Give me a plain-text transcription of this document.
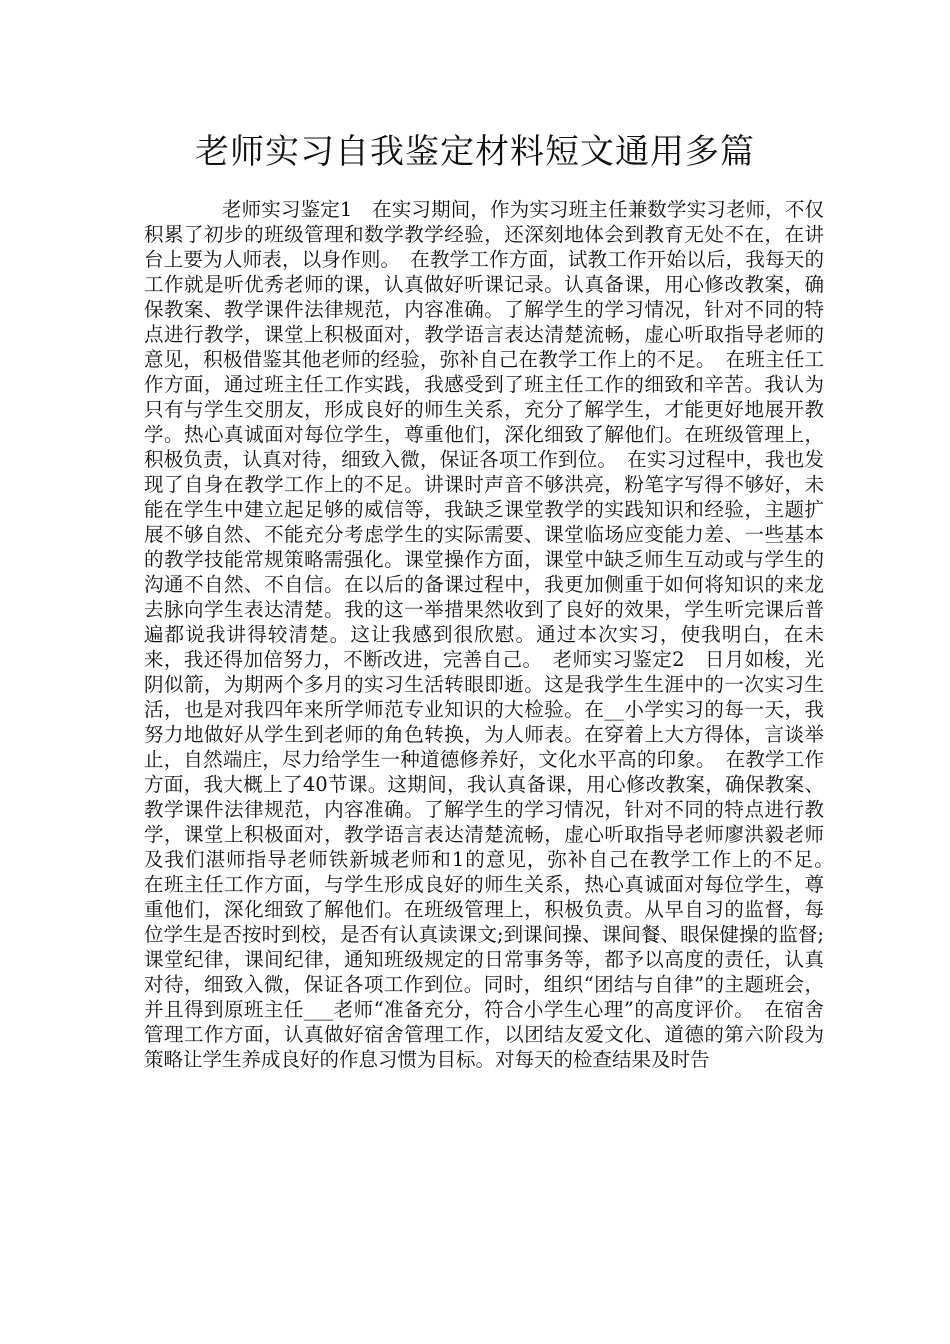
老师实习自我鉴定材料短文通用多篇

老师实习鉴定1　在实习期间，作为实习班主任兼数学实习老师，不仅积累了初步的班级管理和数学教学经验，还深刻地体会到教育无处不在，在讲台上要为人师表，以身作则。　在教学工作方面，试教工作开始以后，我每天的工作就是听优秀老师的课，认真做好听课记录。认真备课，用心修改教案，确保教案、教学课件法律规范，内容准确。了解学生的学习情况，针对不同的特点进行教学，课堂上积极面对，教学语言表达清楚流畅，虚心听取指导老师的意见，积极借鉴其他老师的经验，弥补自己在教学工作上的不足。　在班主任工作方面，通过班主任工作实践，我感受到了班主任工作的细致和辛苦。我认为只有与学生交朋友，形成良好的师生关系，充分了解学生，才能更好地展开教学。热心真诚面对每位学生，尊重他们，深化细致了解他们。在班级管理上，积极负责，认真对待，细致入微，保证各项工作到位。　在实习过程中，我也发现了自身在教学工作上的不足。讲课时声音不够洪亮，粉笔字写得不够好，未能在学生中建立起足够的威信等，我缺乏课堂教学的实践知识和经验，主题扩展不够自然、不能充分考虑学生的实际需要、课堂临场应变能力差、一些基本的教学技能常规策略需强化。课堂操作方面，课堂中缺乏师生互动或与学生的沟通不自然、不自信。在以后的备课过程中，我更加侧重于如何将知识的来龙去脉向学生表达清楚。我的这一举措果然收到了良好的效果，学生听完课后普遍都说我讲得较清楚。这让我感到很欣慰。通过本次实习，使我明白，在未来，我还得加倍努力，不断改进，完善自己。　老师实习鉴定2　日月如梭，光阴似箭，为期两个多月的实习生活转眼即逝。这是我学生生涯中的一次实习生活，也是对我四年来所学师范专业知识的大检验。在__小学实习的每一天，我努力地做好从学生到老师的角色转换，为人师表。在穿着上大方得体，言谈举止，自然端庄，尽力给学生一种道德修养好，文化水平高的印象。　在教学工作方面，我大概上了40节课。这期间，我认真备课，用心修改教案，确保教案、教学课件法律规范，内容准确。了解学生的学习情况，针对不同的特点进行教学，课堂上积极面对，教学语言表达清楚流畅，虚心听取指导老师廖洪毅老师及我们湛师指导老师铁新城老师和1的意见，弥补自己在教学工作上的不足。　在班主任工作方面，与学生形成良好的师生关系，热心真诚面对每位学生，尊重他们，深化细致了解他们。在班级管理上，积极负责。从早自习的监督，每位学生是否按时到校，是否有认真读课文;到课间操、课间餐、眼保健操的监督;课堂纪律，课间纪律，通知班级规定的日常事务等，都予以高度的责任，认真对待，细致入微，保证各项工作到位。同时，组织“团结与自律”的主题班会，并且得到原班主任___老师“准备充分，符合小学生心理”的高度评价。　在宿舍管理工作方面，认真做好宿舍管理工作，以团结友爱文化、道德的第六阶段为策略让学生养成良好的作息习惯为目标。对每天的检查结果及时告
